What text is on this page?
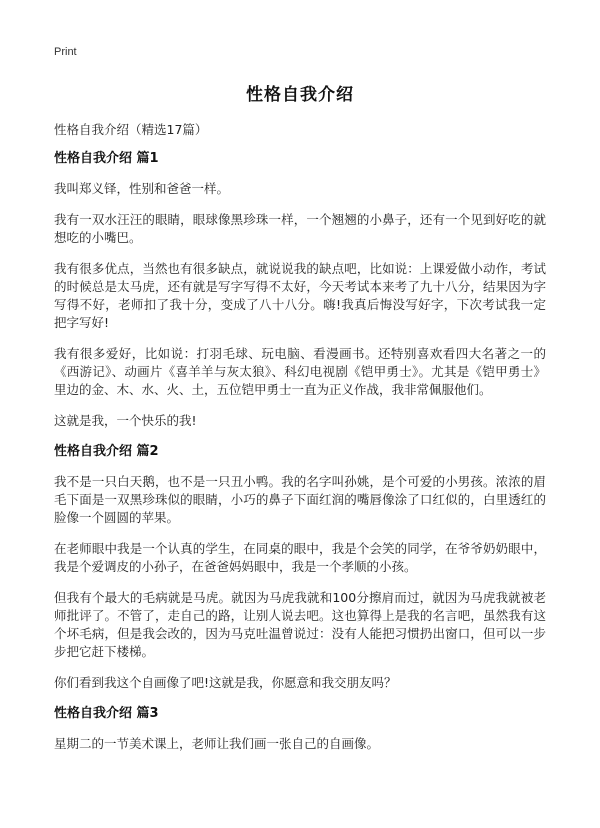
Print
性格自我介绍
性格自我介绍（精选17篇）
性格自我介绍 篇1

我叫郑义铎，性别和爸爸一样。

我有一双水汪汪的眼睛，眼球像黑珍珠一样，一个翘翘的小鼻子，还有一个见到好吃的就想吃的小嘴巴。

我有很多优点，当然也有很多缺点，就说说我的缺点吧，比如说：上课爱做小动作，考试的时候总是太马虎，还有就是写字写得不太好，今天考试本来考了九十八分，结果因为字写得不好，老师扣了我十分，变成了八十八分。嗨!我真后悔没写好字，下次考试我一定把字写好!

我有很多爱好，比如说：打羽毛球、玩电脑、看漫画书。还特别喜欢看四大名著之一的《西游记》、动画片《喜羊羊与灰太狼》、科幻电视剧《铠甲勇士》。尤其是《铠甲勇士》里边的金、木、水、火、土，五位铠甲勇士一直为正义作战，我非常佩服他们。

这就是我，一个快乐的我!

性格自我介绍 篇2

我不是一只白天鹅，也不是一只丑小鸭。我的名字叫孙姚，是个可爱的小男孩。浓浓的眉毛下面是一双黑珍珠似的眼睛，小巧的鼻子下面红润的嘴唇像涂了口红似的，白里透红的脸像一个圆圆的苹果。

在老师眼中我是一个认真的学生，在同桌的眼中，我是个会笑的同学，在爷爷奶奶眼中，我是个爱调皮的小孙子，在爸爸妈妈眼中，我是一个孝顺的小孩。

但我有个最大的毛病就是马虎。就因为马虎我就和100分擦肩而过，就因为马虎我就被老师批评了。不管了，走自己的路，让别人说去吧。这也算得上是我的名言吧，虽然我有这个坏毛病，但是我会改的，因为马克吐温曾说过：没有人能把习惯扔出窗口，但可以一步步把它赶下楼梯。

你们看到我这个自画像了吧!这就是我，你愿意和我交朋友吗？

性格自我介绍 篇3

星期二的一节美术课上，老师让我们画一张自己的自画像。
